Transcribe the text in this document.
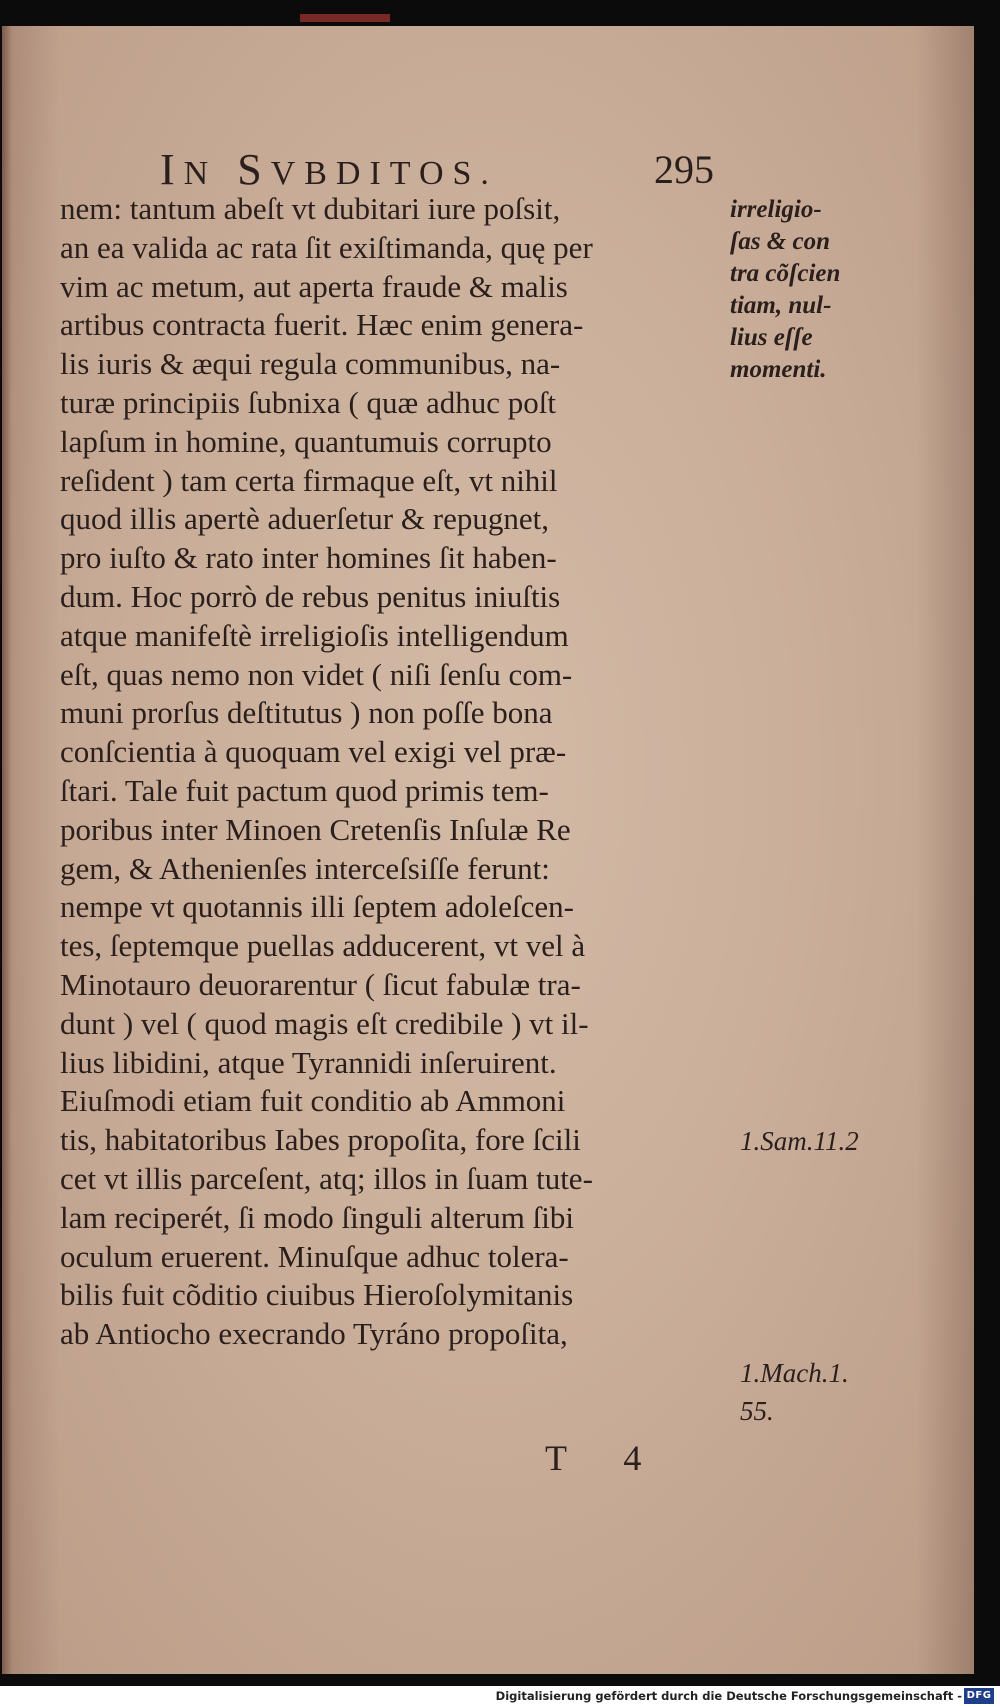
IN SVBDITOS.	295
nem: tantum abeſt vt dubitari iure poſsit,
an ea valida ac rata ſit exiſtimanda, quę per
vim ac metum, aut aperta fraude & malis
artibus contracta fuerit. Hæc enim genera-
lis iuris & æqui regula communibus, na-
turæ principiis ſubnixa ( quæ adhuc poſt
lapſum in homine, quantumuis corrupto
reſident ) tam certa firmaque eſt, vt nihil
quod illis apertè aduerſetur & repugnet,
pro iuſto & rato inter homines ſit haben-
dum. Hoc porrò de rebus penitus iniuſtis
atque manifeſtè irreligioſis intelligendum
eſt, quas nemo non videt ( niſi ſenſu com-
muni prorſus deſtitutus ) non poſſe bona
conſcientia à quoquam vel exigi vel præ-
ſtari. Tale fuit pactum quod primis tem-
poribus inter Minoen Cretenſis Inſulæ Re
gem, & Athenienſes interceſsiſſe ferunt:
nempe vt quotannis illi ſeptem adoleſcen-
tes, ſeptemque puellas adducerent, vt vel à
Minotauro deuorarentur ( ſicut fabulæ tra-
dunt ) vel ( quod magis eſt credibile ) vt il-
lius libidini, atque Tyrannidi inſeruirent.
Eiuſmodi etiam fuit conditio ab Ammoni
tis, habitatoribus Iabes propoſita, fore ſcili
cet vt illis parceſent, atq; illos in ſuam tute-
lam reciperét, ſi modo ſinguli alterum ſibi
oculum eruerent. Minuſque adhuc tolera-
bilis fuit cõditio ciuibus Hieroſolymitanis
ab Antiocho execrando Tyráno propoſita,
irreligio-
ſas & con
tra cõſcien
tiam, nul-
lius eſſe
momenti.
1.Sam.11.2
1.Mach.1.
55.
T 4
Digitalisierung gefördert durch die Deutsche Forschungsgemeinschaft - DFG
